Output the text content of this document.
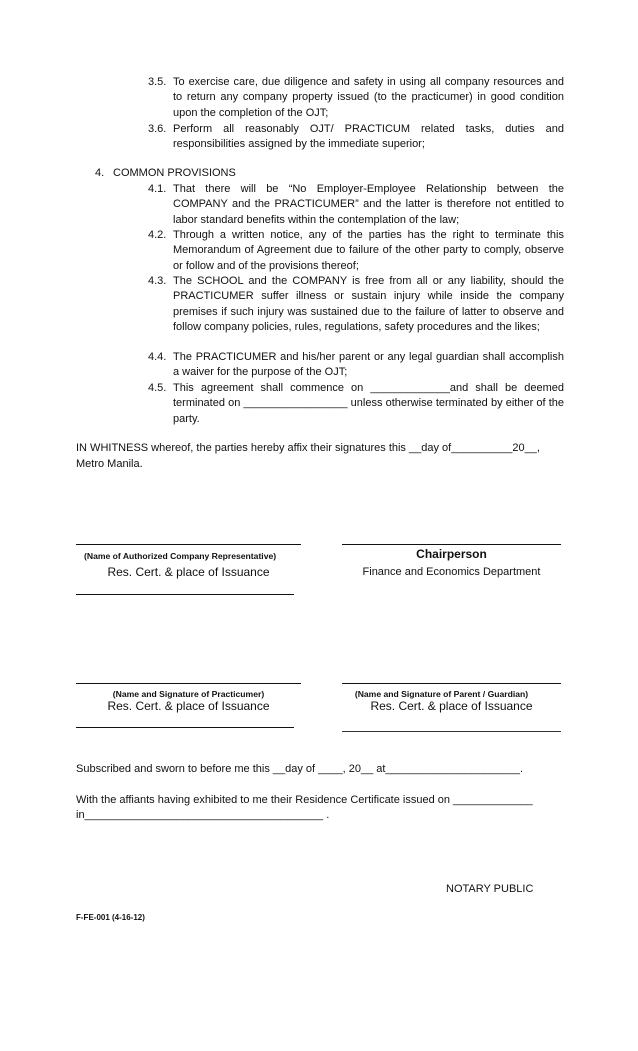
3.5. To exercise care, due diligence and safety in using all company resources and to return any company property issued (to the practicumer) in good condition upon the completion of the OJT;
3.6. Perform all reasonably OJT/ PRACTICUM related tasks, duties and responsibilities assigned by the immediate superior;
4. COMMON PROVISIONS
4.1. That there will be “No Employer-Employee Relationship between the COMPANY and the PRACTICUMER” and the latter is therefore not entitled to labor standard benefits within the contemplation of the law;
4.2. Through a written notice, any of the parties has the right to terminate this Memorandum of Agreement due to failure of the other party to comply, observe or follow and of the provisions thereof;
4.3. The SCHOOL and the COMPANY is free from all or any liability, should the PRACTICUMER suffer illness or sustain injury while inside the company premises if such injury was sustained due to the failure of latter to observe and follow company policies, rules, regulations, safety procedures and the likes;
4.4. The PRACTICUMER and his/her parent or any legal guardian shall accomplish a waiver for the purpose of the OJT;
4.5. This agreement shall commence on _____________and shall be deemed terminated on _________________ unless otherwise terminated by either of the party.
IN WHITNESS whereof, the parties hereby affix their signatures this __day of__________20__,
Metro Manila.
(Name of Authorized Company Representative)	Chairperson
Res. Cert. & place of Issuance	Finance and Economics Department
(Name and Signature of Practicumer)	(Name and Signature of Parent / Guardian)
Res. Cert. & place of Issuance	Res. Cert. & place of Issuance
Subscribed and sworn to before me this __day of ____, 20__ at______________________.
With the affiants having exhibited to me their Residence Certificate issued on _____________
in_______________________________________ .
NOTARY PUBLIC
F-FE-001 (4-16-12)
